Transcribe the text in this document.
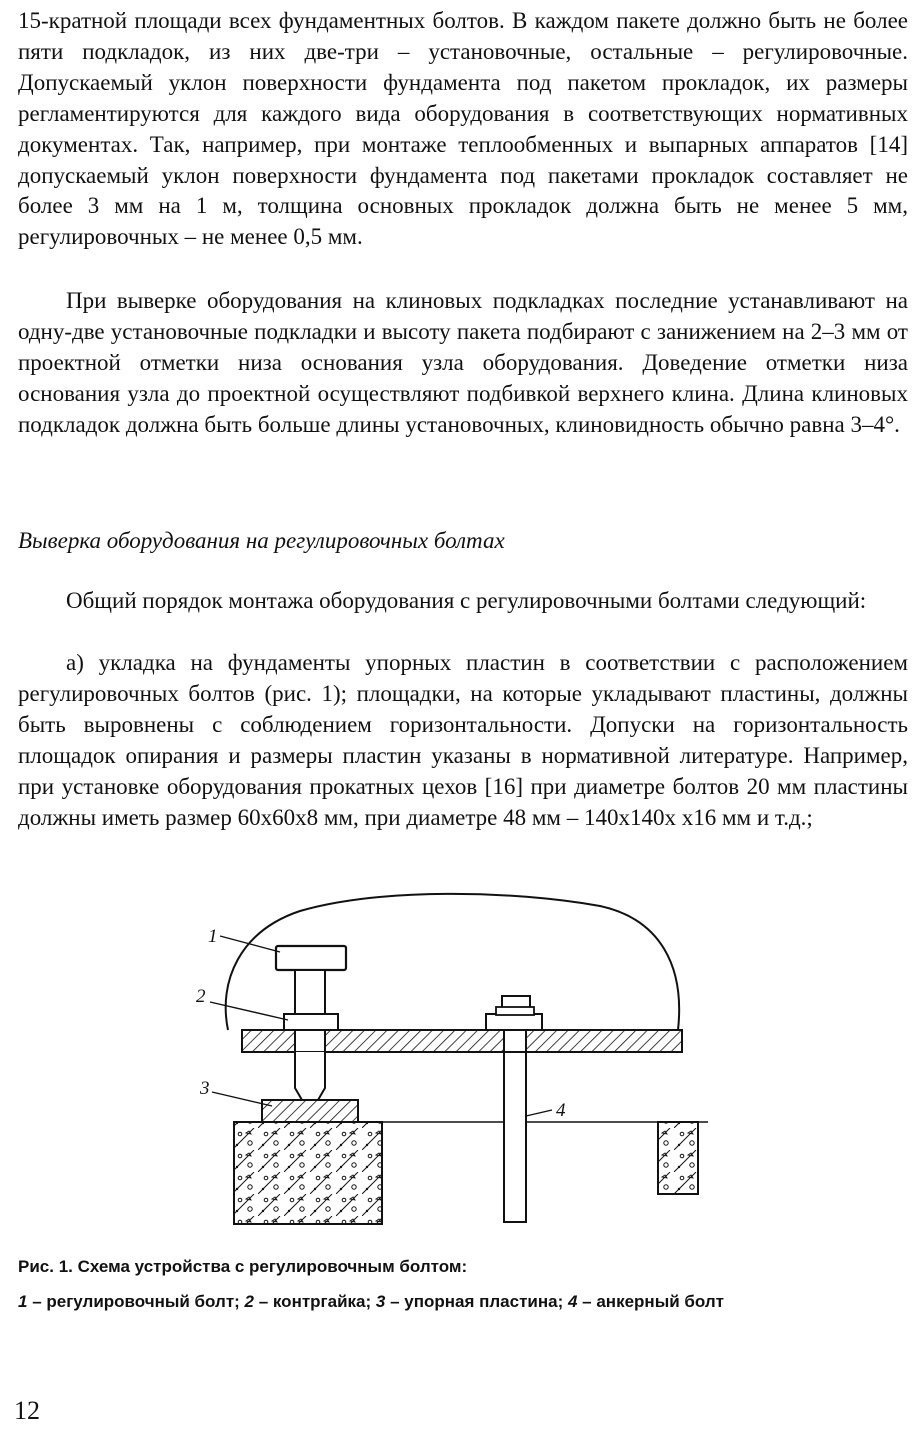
15-кратной площади всех фундаментных болтов. В каждом пакете должно быть не более пяти подкладок, из них две-три – установочные, остальные – регулировочные. Допускаемый уклон поверхности фундамента под пакетом прокладок, их размеры регламентируются для каждого вида оборудования в соответствующих нормативных документах. Так, например, при монтаже теплообменных и выпарных аппаратов [14] допускаемый уклон поверхности фундамента под пакетами прокладок составляет не более 3 мм на 1 м, толщина основных прокладок должна быть не менее 5 мм, регулировочных – не менее 0,5 мм.
При выверке оборудования на клиновых подкладках последние устанавливают на одну-две установочные подкладки и высоту пакета подбирают с занижением на 2–3 мм от проектной отметки низа основания узла оборудования. Доведение отметки низа основания узла до проектной осуществляют подбивкой верхнего клина. Длина клиновых подкладок должна быть больше длины установочных, клиновидность обычно равна 3–4°.
Выверка оборудования на регулировочных болтах
Общий порядок монтажа оборудования с регулировочными болтами следующий:
а) укладка на фундаменты упорных пластин в соответствии с расположением регулировочных болтов (рис. 1); площадки, на которые укладывают пластины, должны быть выровнены с соблюдением горизонтальности. Допуски на горизонтальность площадок опирания и размеры пластин указаны в нормативной литературе. Например, при установке оборудования прокатных цехов [16] при диаметре болтов 20 мм пластины должны иметь размер 60x60x8 мм, при диаметре 48 мм – 140x140x x16 мм и т.д.;
1
2
3
4
Рис. 1. Схема устройства с регулировочным болтом:
1 – регулировочный болт; 2 – контргайка; 3 – упорная пластина; 4 – анкерный болт
12
